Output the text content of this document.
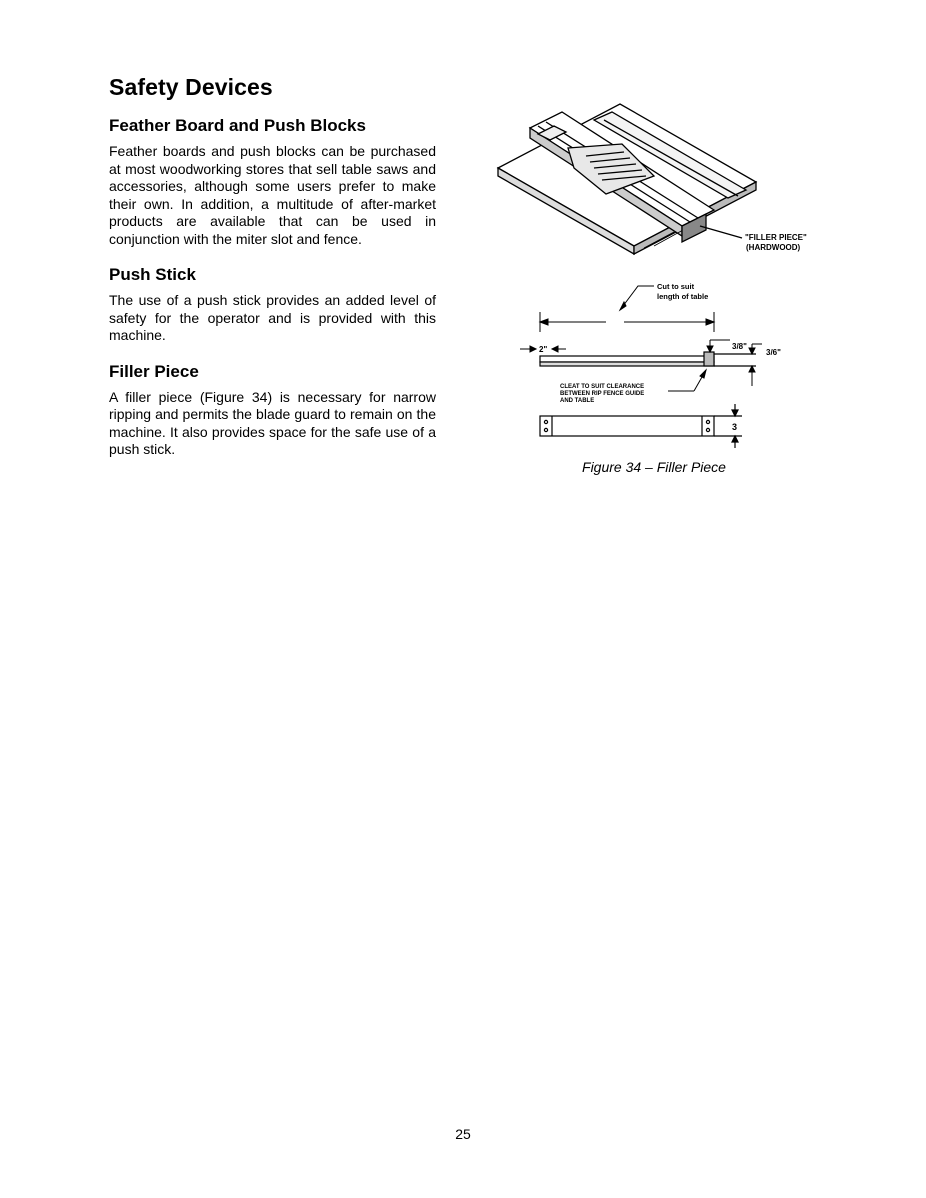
Safety Devices
Feather Board and Push Blocks

Feather boards and push blocks can be purchased at most woodworking stores that sell table saws and accessories, although some users prefer to make their own. In addition, a multitude of after-market products are available that can be used in conjunction with the miter slot and fence.

Push Stick

The use of a push stick provides an added level of safety for the operator and is provided with this machine.

Filler Piece

A filler piece (Figure 34) is necessary for narrow ripping and permits the blade guard to remain on the machine. It also provides space for the safe use of a push stick.

"FILLER PIECE"
(HARDWOOD)
Cut to suit
length of table
2"	3/8"
3/6"
CLEAT TO SUIT CLEARANCE
BETWEEN RIP FENCE GUIDE
AND TABLE
3
Figure 34 – Filler Piece
25
